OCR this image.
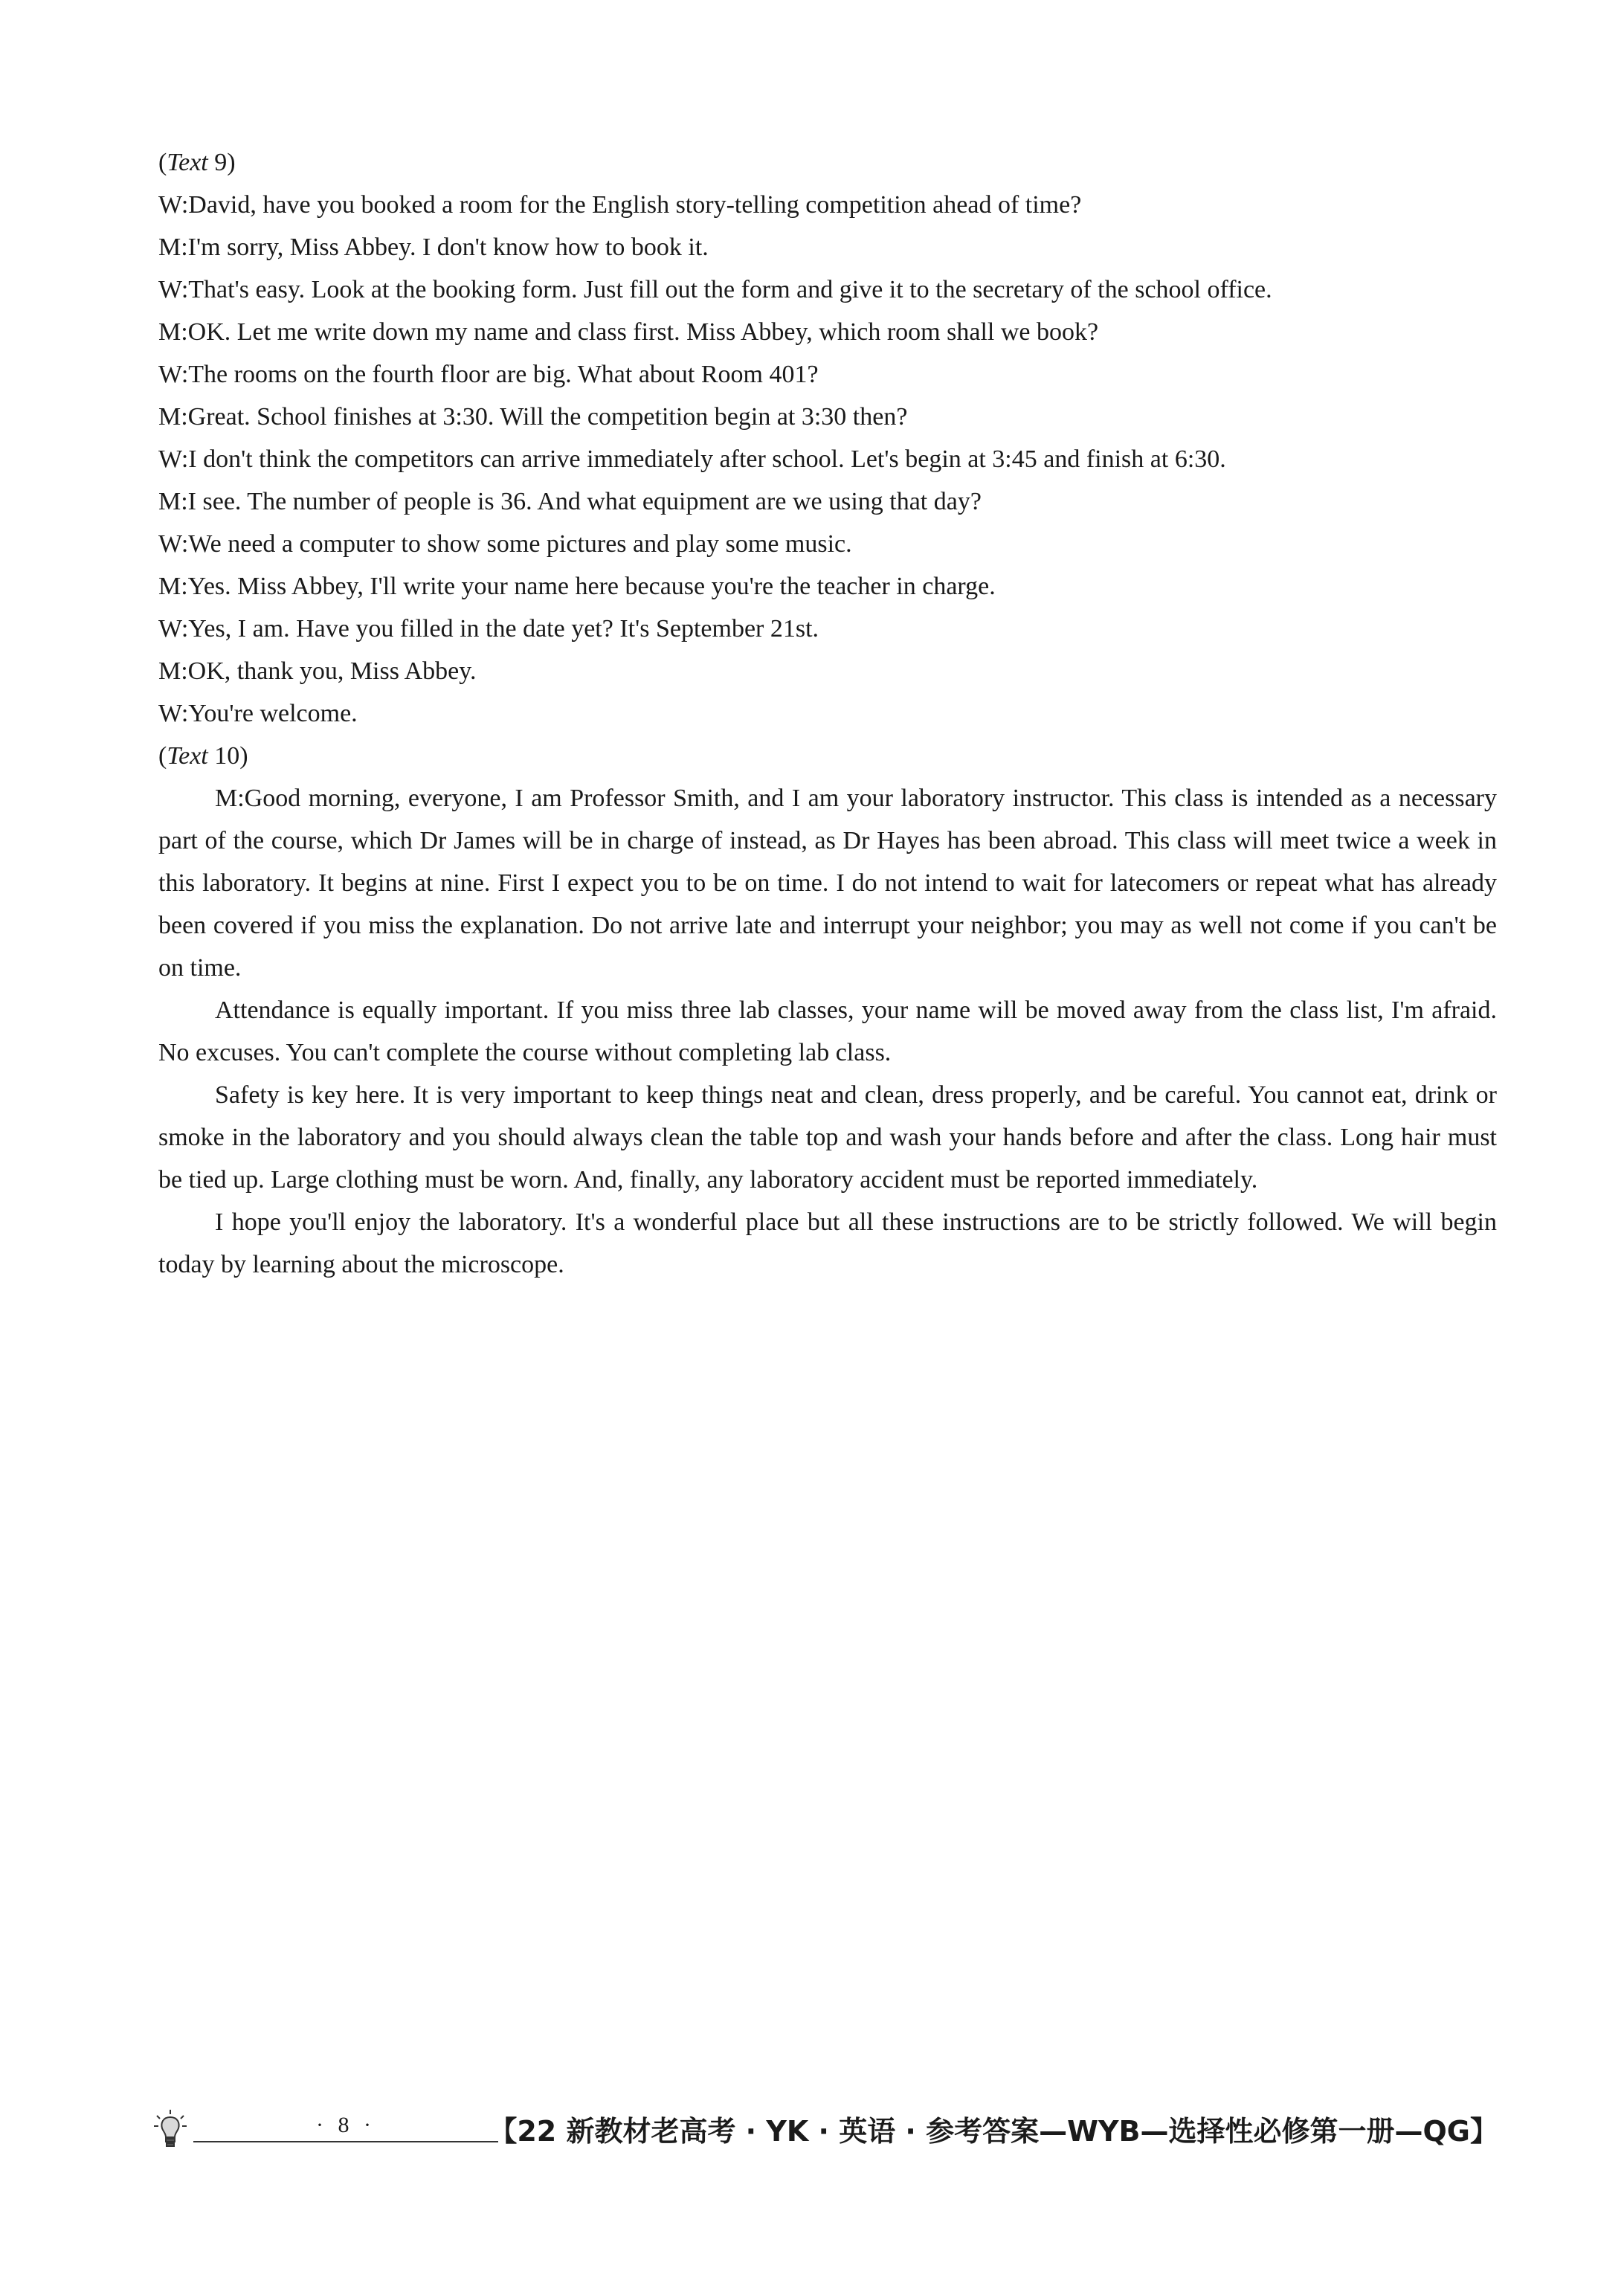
(Text 9)

W:David, have you booked a room for the English story-telling competition ahead of time?

M:I'm sorry, Miss Abbey. I don't know how to book it.

W:That's easy. Look at the booking form. Just fill out the form and give it to the secretary of the school office.

M:OK. Let me write down my name and class first. Miss Abbey, which room shall we book?

W:The rooms on the fourth floor are big. What about Room 401?

M:Great. School finishes at 3:30. Will the competition begin at 3:30 then?

W:I don't think the competitors can arrive immediately after school. Let's begin at 3:45 and finish at 6:30.

M:I see. The number of people is 36. And what equipment are we using that day?

W:We need a computer to show some pictures and play some music.

M:Yes. Miss Abbey, I'll write your name here because you're the teacher in charge.

W:Yes, I am. Have you filled in the date yet? It's September 21st.

M:OK, thank you, Miss Abbey.

W:You're welcome.

(Text 10)

M:Good morning, everyone, I am Professor Smith, and I am your laboratory instructor. This class is intended as a necessary part of the course, which Dr James will be in charge of instead, as Dr Hayes has been abroad. This class will meet twice a week in this laboratory. It begins at nine. First I expect you to be on time. I do not intend to wait for latecomers or repeat what has already been covered if you miss the explanation. Do not arrive late and interrupt your neighbor; you may as well not come if you can't be on time.

Attendance is equally important. If you miss three lab classes, your name will be moved away from the class list, I'm afraid. No excuses. You can't complete the course without completing lab class.

Safety is key here. It is very important to keep things neat and clean, dress properly, and be careful. You cannot eat, drink or smoke in the laboratory and you should always clean the table top and wash your hands before and after the class. Long hair must be tied up. Large clothing must be worn. And, finally, any laboratory accident must be reported immediately.

I hope you'll enjoy the laboratory. It's a wonderful place but all these instructions are to be strictly followed. We will begin today by learning about the microscope.

· 8 ·	【22 新教材老高考 · YK · 英语 · 参考答案—WYB—选择性必修第一册—QG】
